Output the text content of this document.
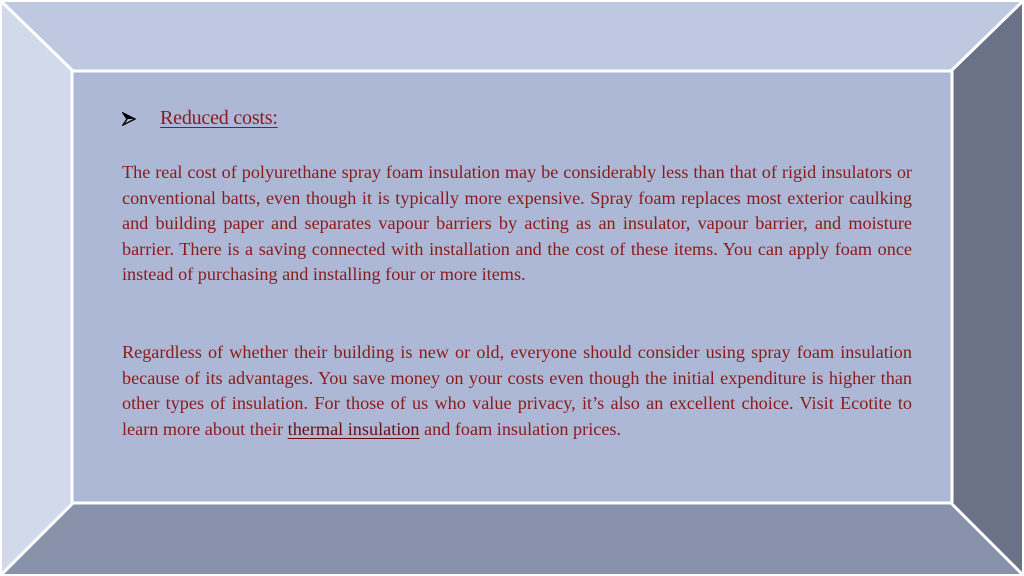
Reduced costs:

The real cost of polyurethane spray foam insulation may be considerably less than that of rigid insulators or conventional batts, even though it is typically more expensive. Spray foam replaces most exterior caulking and building paper and separates vapour barriers by acting as an insulator, vapour barrier, and moisture barrier. There is a saving connected with installation and the cost of these items. You can apply foam once instead of purchasing and installing four or more items.

Regardless of whether their building is new or old, everyone should consider using spray foam insulation because of its advantages. You save money on your costs even though the initial expenditure is higher than other types of insulation. For those of us who value privacy, it’s also an excellent choice. Visit Ecotite to learn more about their thermal insulation and foam insulation prices.
